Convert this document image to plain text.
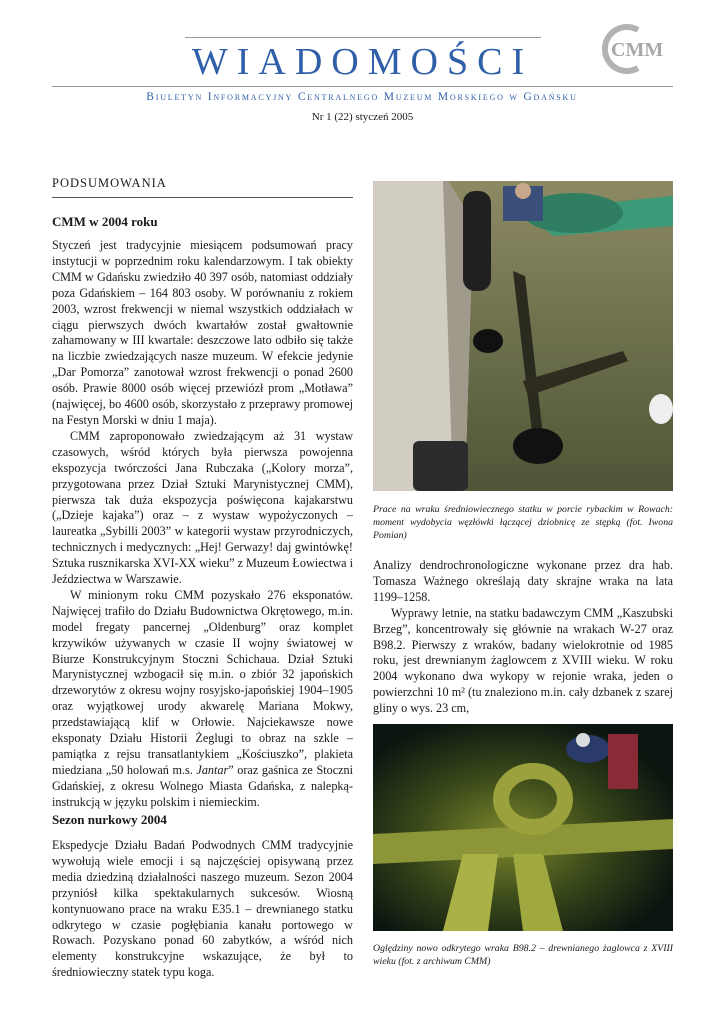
WIADOMOŚCI	CMM
Biuletyn Informacyjny Centralnego Muzeum Morskiego w Gdańsku
Nr 1 (22) styczeń 2005
PODSUMOWANIA
CMM w 2004 roku

Styczeń jest tradycyjnie miesiącem podsumowań pracy instytucji w poprzednim roku kalendarzowym. I tak obiekty CMM w Gdańsku zwiedziło 40 397 osób, natomiast oddziały poza Gdańskiem – 164 803 osoby. W porównaniu z rokiem 2003, wzrost frekwencji w niemal wszystkich oddziałach w ciągu pierwszych dwóch kwartałów został gwałtownie zahamowany w III kwartale: deszczowe lato odbiło się także na liczbie zwiedzających nasze muzeum. W efekcie jedynie „Dar Pomorza” zanotował wzrost frekwencji o ponad 2600 osób. Prawie 8000 osób więcej przewiózł prom „Motława” (najwięcej, bo 4600 osób, skorzystało z przeprawy promowej na Festyn Morski w dniu 1 maja).

CMM zaproponowało zwiedzającym aż 31 wystaw czasowych, wśród których była pierwsza powojenna ekspozycja twórczości Jana Rubczaka („Kolory morza”, przygotowana przez Dział Sztuki Marynistycznej CMM), pierwsza tak duża ekspozycja poświęcona kajakarstwu („Dzieje kajaka”) oraz – z wystaw wypożyczonych – laureatka „Sybilli 2003” w kategorii wystaw przyrodniczych, technicznych i medycznych: „Hej! Gerwazy! daj gwintówkę! Sztuka rusznikarska XVI-XX wieku” z Muzeum Łowiectwa i Jeździectwa w Warszawie.

W minionym roku CMM pozyskało 276 eksponatów. Najwięcej trafiło do Działu Budownictwa Okrętowego, m.in. model fregaty pancernej „Oldenburg” oraz komplet krzywików używanych w czasie II wojny światowej w Biurze Konstrukcyjnym Stoczni Schichaua. Dział Sztuki Marynistycznej wzbogacił się m.in. o zbiór 32 japońskich drzeworytów z okresu wojny rosyjsko-japońskiej 1904–1905 oraz wyjątkowej urody akwarelę Mariana Mokwy, przedstawiającą klif w Orłowie. Najciekawsze nowe eksponaty Działu Historii Żeglugi to obraz na szkle – pamiątka z rejsu transatlantykiem „Kościuszko”, plakieta miedziana „50 holowań m.s. Jantar” oraz gaśnica ze Stoczni Gdańskiej, z okresu Wolnego Miasta Gdańska, z nalepką-instrukcją w języku polskim i niemieckim.

Sezon nurkowy 2004

Ekspedycje Działu Badań Podwodnych CMM tradycyjnie wywołują wiele emocji i są najczęściej opisywaną przez media dziedziną działalności naszego muzeum. Sezon 2004 przyniósł kilka spektakularnych sukcesów. Wiosną kontynuowano prace na wraku E35.1 – drewnianego statku odkrytego w czasie pogłębiania kanału portowego w Rowach. Pozyskano ponad 60 zabytków, a wśród nich elementy konstrukcyjne wskazujące, że był to średniowieczny statek typu koga.

Prace na wraku średniowiecznego statku w porcie rybackim w Rowach: moment wydobycia węzłówki łączącej dziobnicę ze stępką (fot. Iwona Pomian)

Analizy dendrochronologiczne wykonane przez dra hab. Tomasza Ważnego określają daty skrajne wraka na lata 1199–1258.

Wyprawy letnie, na statku badawczym CMM „Kaszubski Brzeg”, koncentrowały się głównie na wrakach W-27 oraz B98.2. Pierwszy z wraków, badany wielokrotnie od 1985 roku, jest drewnianym żaglowcem z XVIII wieku. W roku 2004 wykonano dwa wykopy w rejonie wraka, jeden o powierzchni 10 m² (tu znaleziono m.in. cały dzbanek z szarej gliny o wys. 23 cm,

Oględziny nowo odkrytego wraka B98.2 – drewnianego żaglowca z XVIII wieku (fot. z archiwum CMM)
